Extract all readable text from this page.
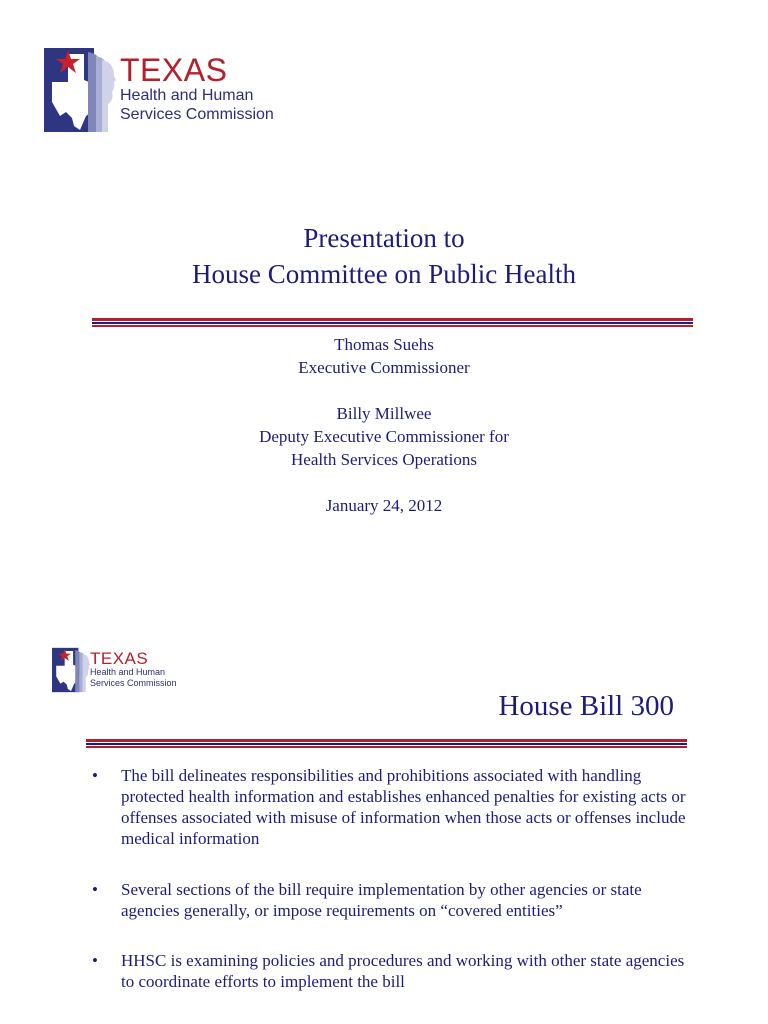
TEXAS
Health and Human
Services Commission
Presentation to
House Committee on Public Health
Thomas Suehs
Executive Commissioner
Billy Millwee
Deputy Executive Commissioner for
Health Services Operations
January 24, 2012
TEXAS
Health and Human
Services Commission
House Bill 300
• The bill delineates responsibilities and prohibitions associated with handling protected health information and establishes enhanced penalties for existing acts or offenses associated with misuse of information when those acts or offenses include medical information
• Several sections of the bill require implementation by other agencies or state agencies generally, or impose requirements on “covered entities”
• HHSC is examining policies and procedures and working with other state agencies to coordinate efforts to implement the bill
